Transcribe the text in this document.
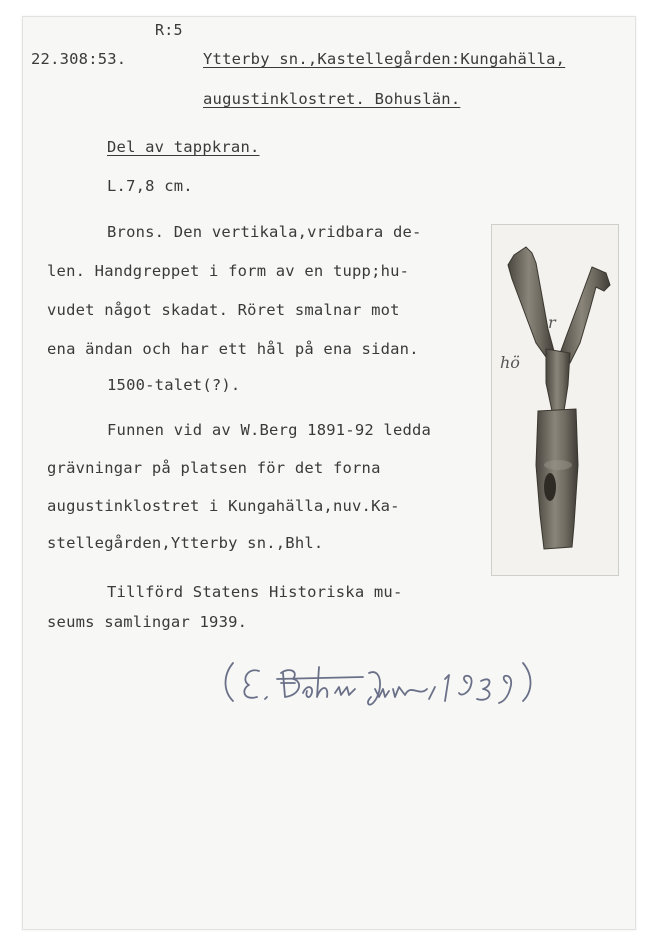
R:5
22.308:53.	Ytterby sn.,Kastellegården:Kungahälla,
augustinklostret. Bohuslän.
Del av tappkran.
L.7,8 cm.
Brons. Den vertikala,vridbara de-
len. Handgreppet i form av en tupp;hu-
vudet något skadat. Röret smalnar mot
ena ändan och har ett hål på ena sidan.
1500-talet(?).
Funnen vid av W.Berg 1891-92 ledda
grävningar på platsen för det forna
augustinklostret i Kungahälla,nuv.Ka-
stellegården,Ytterby sn.,Bhl.
Tillförd Statens Historiska mu-
seums samlingar 1939.
hö
r
(E. Bohm juni 1939).
